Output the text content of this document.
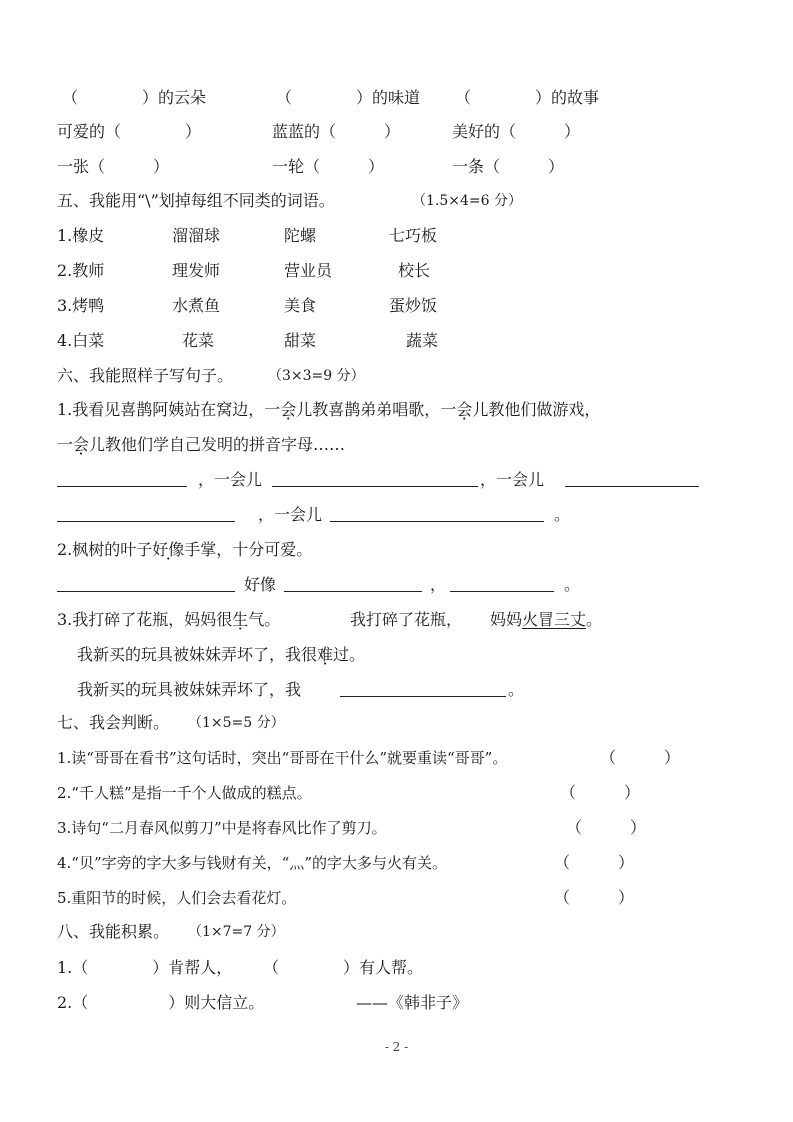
（　　　　）的云朵	（　　　　）的味道 （　　　　）的故事
可爱的（　　　　）	蓝蓝的（　　　）	美好的（　　　）
一张（　　　）	一轮（　　　）	一条（　　　）
五、我能用“\”划掉每组不同类的词语。	（1.5×4=6 分）
1.橡皮	溜溜球	陀螺	七巧板
2.教师	理发师	营业员	校长
3.烤鸭	水煮鱼	美食	蛋炒饭
4.白菜	花菜	甜菜	蔬菜
六、我能照样子写句子。 （3×3=9 分）
1.我看见喜鹊阿姨站在窝边，一会儿教喜鹊弟弟唱歌，一会儿教他们做游戏，
一会儿教他们学自己发明的拼音字母……
，一会儿	，一会儿
，一会儿	。
2.枫树的叶子好像手掌，十分可爱。
好像	，	。
3.我打碎了花瓶，妈妈很生气。	我打碎了花瓶， 妈妈火冒三丈。
我新买的玩具被妹妹弄坏了，我很难过。
我新买的玩具被妹妹弄坏了，我	。
七、我会判断。 （1×5=5 分）
1.读“哥哥在看书”这句话时，突出“哥哥在干什么”就要重读“哥哥”。	（　　　）
2.“千人糕”是指一千个人做成的糕点。	（　　　）
3.诗句“二月春风似剪刀”中是将春风比作了剪刀。	（　　　）
4.“贝”字旁的字大多与钱财有关，“灬”的字大多与火有关。	（　　　）
5.重阳节的时候，人们会去看花灯。	（　　　）
八、我能积累。 （1×7=7 分）
1.（　　　　）肯帮人， （　　　　）有人帮。
2.（　　　　　）则大信立。	——《韩非子》
- 2 -
